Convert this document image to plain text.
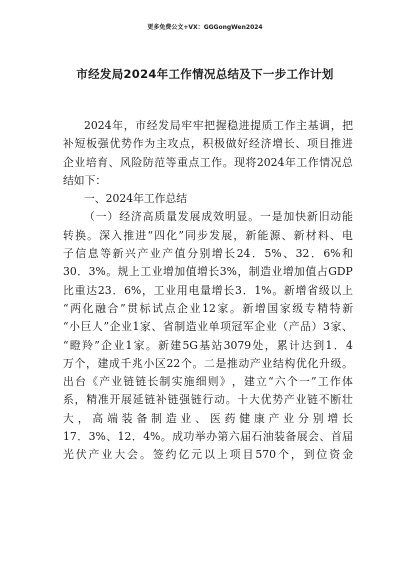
更多免费公文+VX：GGGongWen2024
市经发局2024年工作情况总结及下一步工作计划
2024 年 ， 市 经 发 局 牢 牢 把 握 稳 进 提 质 工 作 主 基 调 ， 把
补 短 板 强 优 势 作 为 主 攻 点 ， 积 极 做 好 经 济 增 长 、 项 目 推 进
企 业 培 育 、 风 险 防 范 等 重 点 工 作 。 现 将 2024 年 工 作 情 况 总
结 如 下 ：
一 、 2024 年 工 作 总 结
（ 一 ） 经 济 高 质 量 发 展 成 效 明 显 。 一 是 加 快 新 旧 动 能
转 换 。 深 入 推 进 “ 四 化 ” 同 步 发 展 ， 新 能 源 、 新 材 料 、 电
子 信 息 等 新 兴 产 业 产 值 分 别 增 长 24 ． 5% 、 32 ． 6% 和
30 ． 3% 。 规 上 工 业 增 加 值 增 长 3% ， 制 造 业 增 加 值 占 GDP
比 重 达 23 ． 6% ， 工 业 用 电 量 增 长 3 ． 1% 。 新 增 省 级 以 上
“ 两 化 融 合 ” 贯 标 试 点 企 业 12 家 。 新 增 国 家 级 专 精 特 新
“ 小 巨 人 ” 企 业 1 家 、 省 制 造 业 单 项 冠 军 企 业 （ 产 品 ） 3 家 、
“ 瞪 羚 ” 企 业 1 家 。 新 建 5G 基 站 3079 处 ， 累 计 达 到 1 ． 4
万 个 ， 建 成 千 兆 小 区 22 个 。 二 是 推 动 产 业 结 构 优 化 升 级 。
出 台 《 产 业 链 链 长 制 实 施 细 则 》 ， 建 立 “ 六 个 一 ” 工 作 体
系 ， 精 准 开 展 延 链 补 链 强 链 行 动 。 十 大 优 势 产 业 链 不 断 壮
大 ， 高 端 装 备 制 造 业 、 医 药 健 康 产 业 分 别 增 长
17 ． 3% 、 12 ． 4% 。 成 功 举 办 第 六 届 石 油 装 备 展 会 、 首 届
光 伏 产 业 大 会 。 签 约 亿 元 以 上 项 目 570 个 ， 到 位 资 金
